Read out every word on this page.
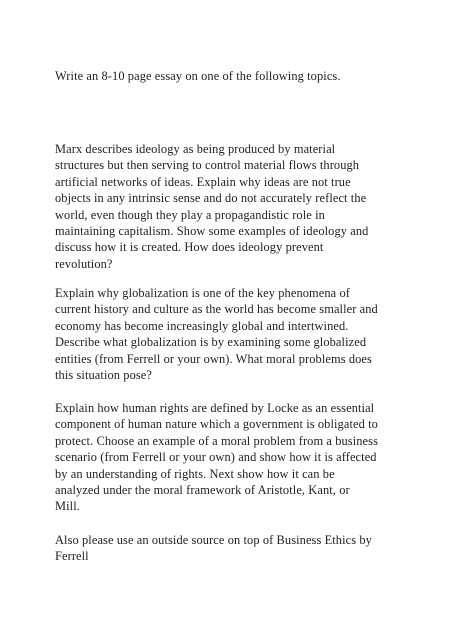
Write an 8-10 page essay on one of the following topics.

Marx describes ideology as being produced by material
structures but then serving to control material flows through
artificial networks of ideas. Explain why ideas are not true
objects in any intrinsic sense and do not accurately reflect the
world, even though they play a propagandistic role in
maintaining capitalism. Show some examples of ideology and
discuss how it is created. How does ideology prevent
revolution?

Explain why globalization is one of the key phenomena of
current history and culture as the world has become smaller and
economy has become increasingly global and intertwined.
Describe what globalization is by examining some globalized
entities (from Ferrell or your own). What moral problems does
this situation pose?

Explain how human rights are defined by Locke as an essential
component of human nature which a government is obligated to
protect. Choose an example of a moral problem from a business
scenario (from Ferrell or your own) and show how it is affected
by an understanding of rights. Next show how it can be
analyzed under the moral framework of Aristotle, Kant, or
Mill.

Also please use an outside source on top of Business Ethics by
Ferrell
